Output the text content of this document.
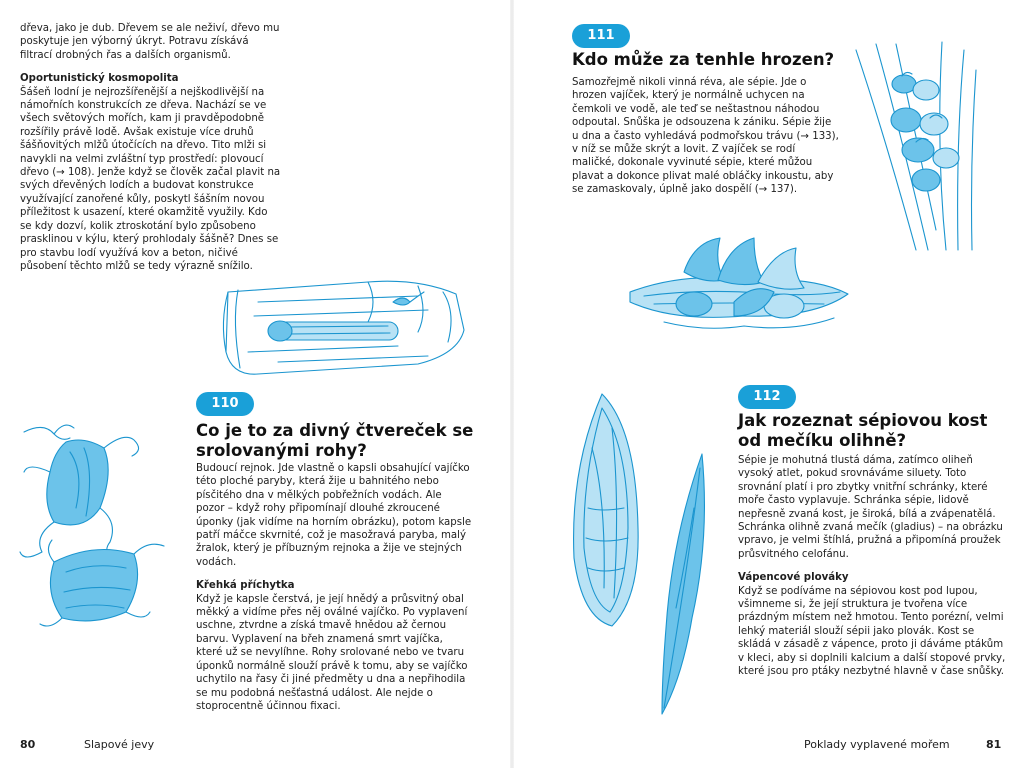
dřeva, jako je dub. Dřevem se ale neživí, dřevo mu poskytuje jen výborný úkryt. Potravu získává filtrací drobných řas a dalších organismů.

Oportunistický kosmopolita

Šášeň lodní je nejrozšířenější a nejškodlivější na námořních konstrukcích ze dřeva. Nachází se ve všech světových mořích, kam ji pravděpodobně rozšířily právě lodě. Avšak existuje více druhů šášňovitých mlžů útočících na dřevo. Tito mlži si navykli na velmi zvláštní typ prostředí: plovoucí dřevo (→ 108). Jenže když se člověk začal plavit na svých dřevěných lodích a budovat konstrukce využívající zanořené kůly, poskytl šášním novou příležitost k usazení, které okamžitě využily. Kdo se kdy dozví, kolik ztroskotání bylo způsobeno prasklinou v kýlu, který prohlodaly šášně? Dnes se pro stavbu lodí využívá kov a beton, ničivé působení těchto mlžů se tedy výrazně snížilo.

110
Co je to za divný čtvereček se srolovanými rohy?

Budoucí rejnok. Jde vlastně o kapsli obsahující vajíčko této ploché paryby, která žije u bahnitého nebo písčitého dna v mělkých pobřežních vodách. Ale pozor – když rohy připomínají dlouhé zkroucené úponky (jak vidíme na horním obrázku), potom kapsle patří máčce skvrnité, což je masožravá paryba, malý žralok, který je příbuzným rejnoka a žije ve stejných vodách.

Křehká příchytka

Když je kapsle čerstvá, je její hnědý a průsvitný obal měkký a vidíme přes něj oválné vajíčko. Po vyplavení uschne, ztvrdne a získá tmavě hnědou až černou barvu. Vyplavení na břeh znamená smrt vajíčka, které už se nevylíhne. Rohy srolované nebo ve tvaru úponků normálně slouží právě k tomu, aby se vajíčko uchytilo na řasy či jiné předměty u dna a nepřihodila se mu podobná nešťastná událost. Ale nejde o stoprocentně účinnou fixaci.

80	Slapové jevy
111
Kdo může za tenhle hrozen?

Samozřejmě nikoli vinná réva, ale sépie. Jde o hrozen vajíček, který je normálně uchycen na čemkoli ve vodě, ale teď se neštastnou náhodou odpoutal. Snůška je odsouzena k zániku. Sépie žije u dna a často vyhledává podmořskou trávu (→ 133), v níž se může skrýt a lovit. Z vajíček se rodí maličké, dokonale vyvinuté sépie, které můžou plavat a dokonce plivat malé obláčky inkoustu, aby se zamaskovaly, úplně jako dospělí (→ 137).

112
Jak rozeznat sépiovou kost od mečíku olihně?

Sépie je mohutná tlustá dáma, zatímco oliheň vysoký atlet, pokud srovnáváme siluety. Toto srovnání platí i pro zbytky vnitřní schránky, které moře často vyplavuje. Schránka sépie, lidově nepřesně zvaná kost, je široká, bílá a zvápenatělá. Schránka olihně zvaná mečík (gladius) – na obrázku vpravo, je velmi štíhlá, pružná a připomíná proužek průsvitného celofánu.

Vápencové plováky

Když se podíváme na sépiovou kost pod lupou, všimneme si, že její struktura je tvořena více prázdným místem než hmotou. Tento porézní, velmi lehký materiál slouží sépii jako plovák. Kost se skládá v zásadě z vápence, proto ji dáváme ptákům v kleci, aby si doplnili kalcium a další stopové prvky, které jsou pro ptáky nezbytné hlavně v čase snůšky.

Poklady vyplavené mořem	81
